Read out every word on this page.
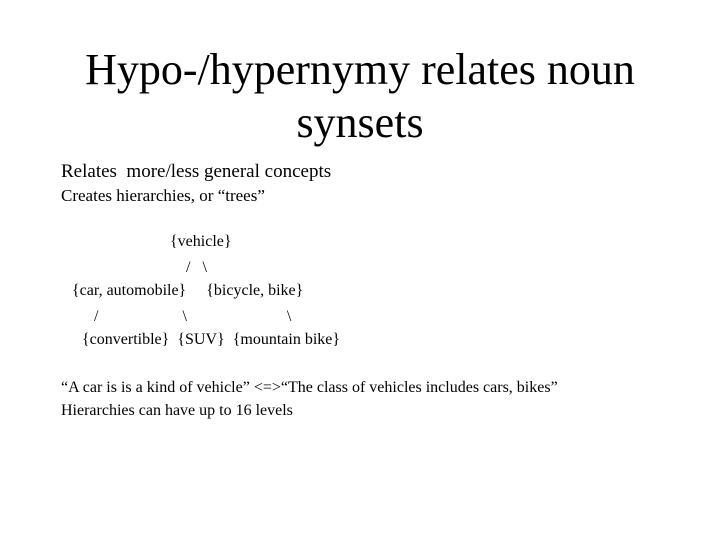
Hypo-/hypernymy relates noun
synsets
Relates  more/less general concepts
Creates hierarchies, or “trees”
{vehicle}
/   \
{car, automobile}     {bicycle, bike}
/                     \                         \
{convertible}  {SUV}  {mountain bike}
“A car is is a kind of vehicle” <=>“The class of vehicles includes cars, bikes”
Hierarchies can have up to 16 levels
